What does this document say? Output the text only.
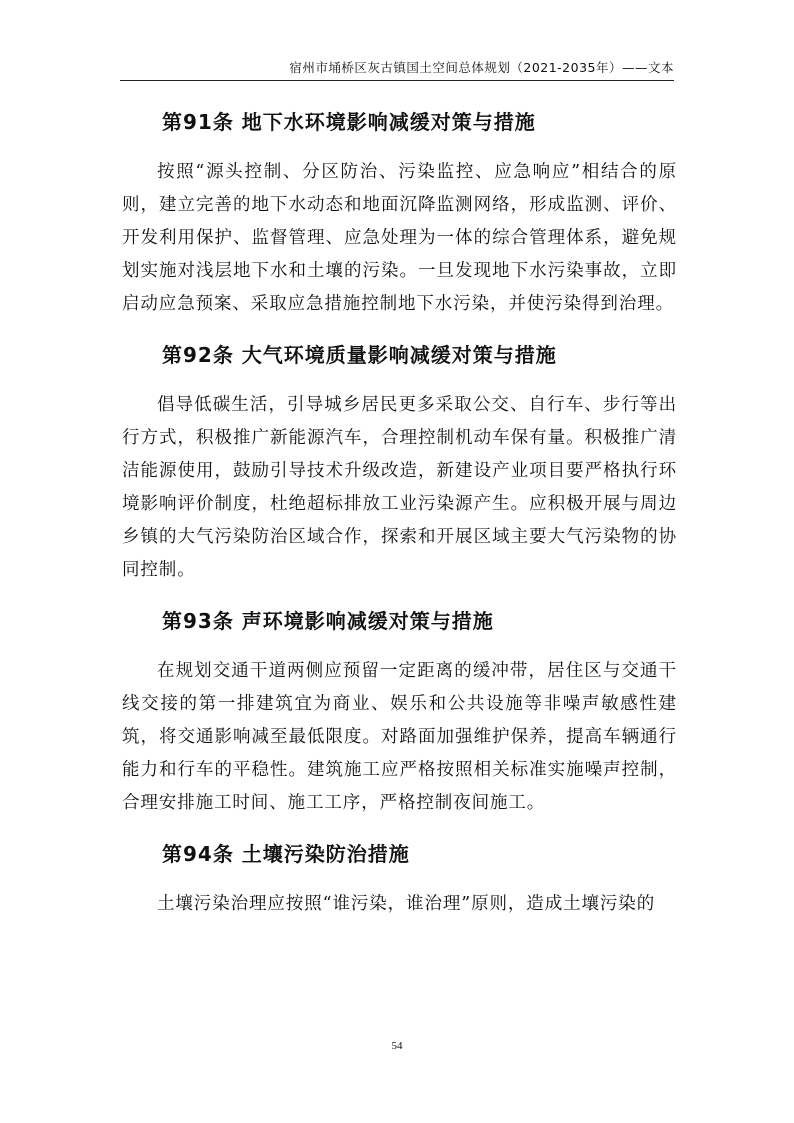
宿州市埇桥区灰古镇国土空间总体规划（2021-2035年）——文本
第91条 地下水环境影响减缓对策与措施

按照“源头控制、分区防治、污染监控、应急响应”相结合的原则，建立完善的地下水动态和地面沉降监测网络，形成监测、评价、开发利用保护、监督管理、应急处理为一体的综合管理体系，避免规划实施对浅层地下水和土壤的污染。一旦发现地下水污染事故，立即启动应急预案、采取应急措施控制地下水污染，并使污染得到治理。

第92条 大气环境质量影响减缓对策与措施

倡导低碳生活，引导城乡居民更多采取公交、自行车、步行等出行方式，积极推广新能源汽车，合理控制机动车保有量。积极推广清洁能源使用，鼓励引导技术升级改造，新建设产业项目要严格执行环境影响评价制度，杜绝超标排放工业污染源产生。应积极开展与周边乡镇的大气污染防治区域合作，探索和开展区域主要大气污染物的协同控制。

第93条 声环境影响减缓对策与措施

在规划交通干道两侧应预留一定距离的缓冲带，居住区与交通干线交接的第一排建筑宜为商业、娱乐和公共设施等非噪声敏感性建筑，将交通影响减至最低限度。对路面加强维护保养，提高车辆通行能力和行车的平稳性。建筑施工应严格按照相关标准实施噪声控制，合理安排施工时间、施工工序，严格控制夜间施工。

第94条 土壤污染防治措施

土壤污染治理应按照“谁污染，谁治理”原则，造成土壤污染的

54
